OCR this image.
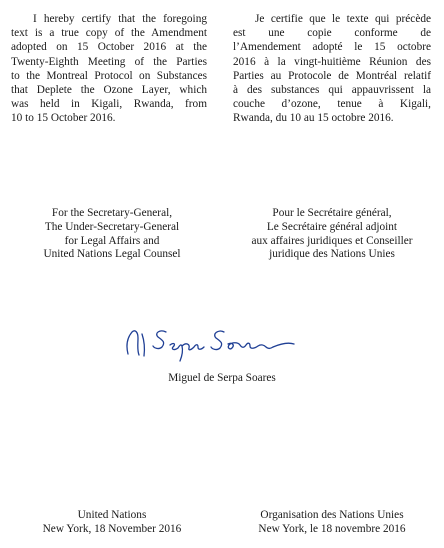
I hereby certify that the foregoing
text is a true copy of the Amendment
adopted on 15 October 2016 at the
Twenty-Eighth Meeting of the Parties
to the Montreal Protocol on Substances
that Deplete the Ozone Layer, which
was held in Kigali, Rwanda, from
10 to 15 October 2016.
Je certifie que le texte qui précède
est une copie conforme de
l’Amendement adopté le 15 octobre
2016 à la vingt-huitième Réunion des
Parties au Protocole de Montréal relatif
à des substances qui appauvrissent la
couche d’ozone, tenue à Kigali,
Rwanda, du 10 au 15 octobre 2016.
For the Secretary-General,
The Under-Secretary-General
for Legal Affairs and
United Nations Legal Counsel
Pour le Secrétaire général,
Le Secrétaire général adjoint
aux affaires juridiques et Conseiller
juridique des Nations Unies
Miguel de Serpa Soares
United Nations
New York, 18 November 2016
Organisation des Nations Unies
New York, le 18 novembre 2016
